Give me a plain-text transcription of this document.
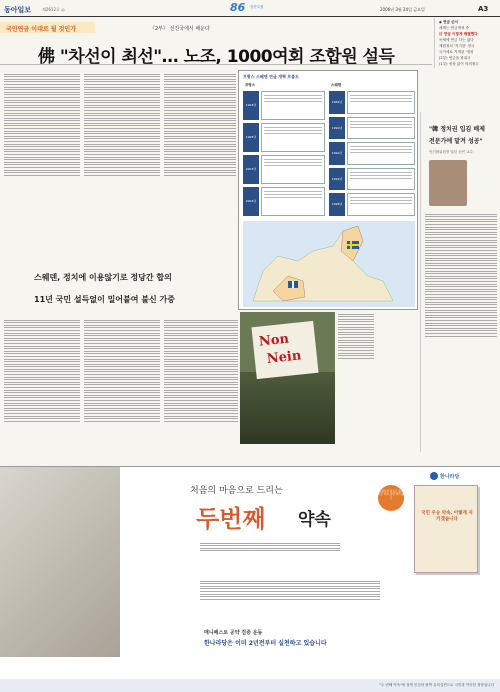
동아일보	제2612호 ◎	86 창간특집	2006년 3월 24일 금요일	A3
국민연금 이대로 될 것인가	《2부》 선진국에서 배운다
佛 "차선이 최선"… 노조, 1000여회 조합원 설득
◆ 연금 순서
세계는 연금개혁 중
日 연금 이렇게 해결했다
독체에 연금 다는 없다
재원정의 '지기한' 정국
국가세로 기개된 '정치
(2부) 연금을 왕위국
(1부) 정상 없이 학의정두
프랑스 스웨덴 연금 개혁 흐름도
프랑스	스웨덴
1993년
1995년
2003년
2004년
1984년
1990년
1992년
1994년
1998년
스웨덴, 정치에 이용않기로 정당간 합의
11년 국민 설득없이 밀어붙여 불신 가중
Non
Nein
"韓 정치권 입김 배제
전문가에 맡겨 성공"
안건환위원장 알린 송민 교수
처음의 마음으로 드리는
두번째 약속
한나라당
정당사상 최초로 공약으로 약속 실천 백서 발간
국민 우승 약속, 이렇게 지키겠습니다
매니페스토 공약 검증 운동
한나라당은 이미 2년전부터 실천하고 있습니다
"두 번째 약속"에 정책 민심의 완벽 유의실현으로 국민과 약속한 정당입니다
